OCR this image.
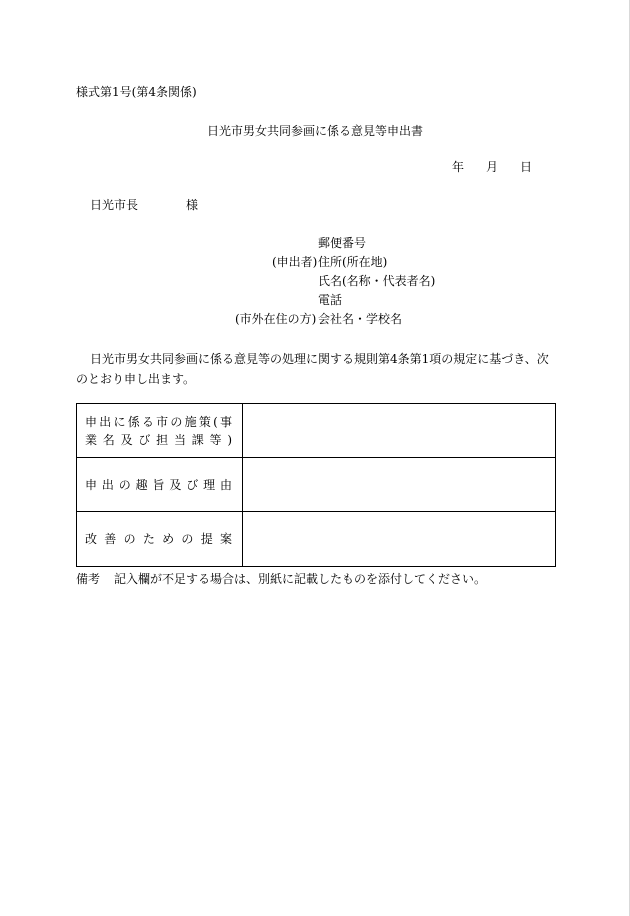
様式第1号(第4条関係)
日光市男女共同参画に係る意見等申出書
年 月 日
日光市長	様
郵便番号
(申出者) 住所(所在地)
氏名(名称・代表者名)
電話
(市外在住の方) 会社名・学校名
日光市男女共同参画に係る意見等の処理に関する規則第4条第1項の規定に基づき、次のとおり申し出ます。
申出に係る市の施策(事
業名及び担当課等)
申出の趣旨及び理由
改善のための提案
備考 記入欄が不足する場合は、別紙に記載したものを添付してください。
